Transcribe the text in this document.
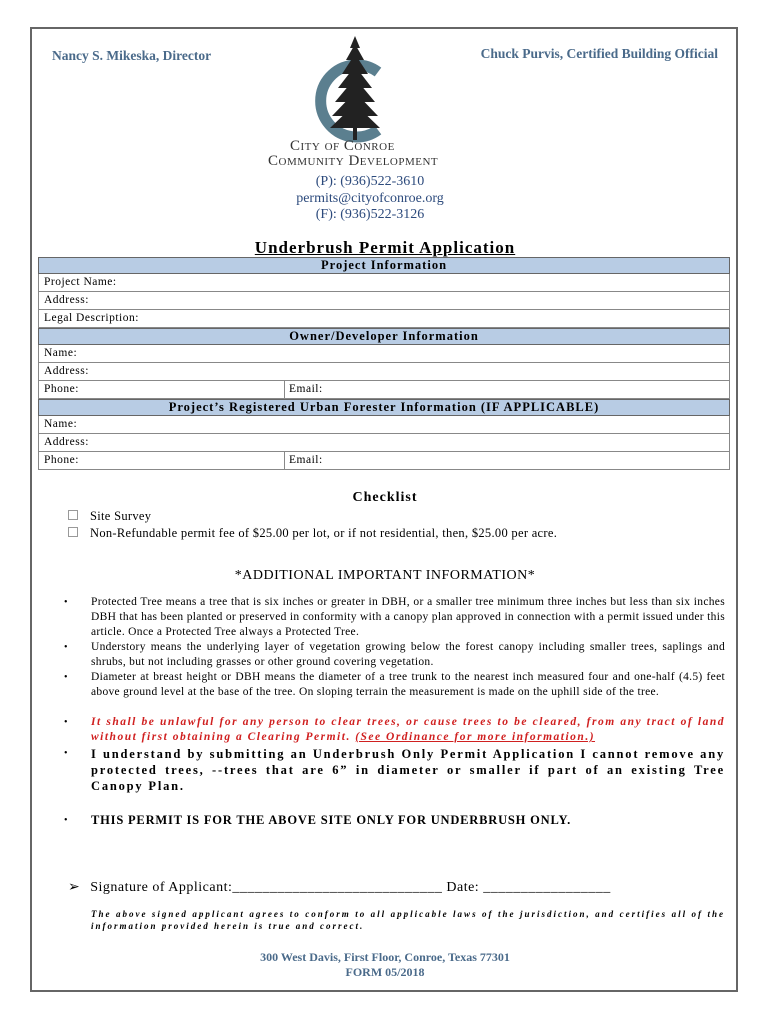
Nancy S. Mikeska, Director	Chuck Purvis, Certified Building Official
City of Conroe
Community Development
(P): (936)522-3610
permits@cityofconroe.org
(F): (936)522-3126
Underbrush Permit Application
Project Information
Project Name:
Address:
Legal Description:
Owner/Developer Information
Name:
Address:
Phone:	Email:
Project’s Registered Urban Forester Information (IF APPLICABLE)
Name:
Address:
Phone:	Email:
Checklist
Site Survey
Non-Refundable permit fee of $25.00 per lot, or if not residential, then, $25.00 per acre.
*ADDITIONAL IMPORTANT INFORMATION*
• Protected Tree means a tree that is six inches or greater in DBH, or a smaller tree minimum three inches but less than six inches DBH that has been planted or preserved in conformity with a canopy plan approved in connection with a permit issued under this article. Once a Protected Tree always a Protected Tree.
• Understory means the underlying layer of vegetation growing below the forest canopy including smaller trees, saplings and shrubs, but not including grasses or other ground covering vegetation.
• Diameter at breast height or DBH means the diameter of a tree trunk to the nearest inch measured four and one-half (4.5) feet above ground level at the base of the tree. On sloping terrain the measurement is made on the uphill side of the tree.
• It shall be unlawful for any person to clear trees, or cause trees to be cleared, from any tract of land without first obtaining a Clearing Permit. (See Ordinance for more information.)
• I understand by submitting an Underbrush Only Permit Application I cannot remove any protected trees, --trees that are 6” in diameter or smaller if part of an existing Tree Canopy Plan.
• THIS PERMIT IS FOR THE ABOVE SITE ONLY FOR UNDERBRUSH ONLY.
➢ Signature of Applicant:____________________________ Date: _________________
The above signed applicant agrees to conform to all applicable laws of the jurisdiction, and certifies all of the information provided herein is true and correct.
300 West Davis, First Floor, Conroe, Texas 77301
FORM 05/2018
